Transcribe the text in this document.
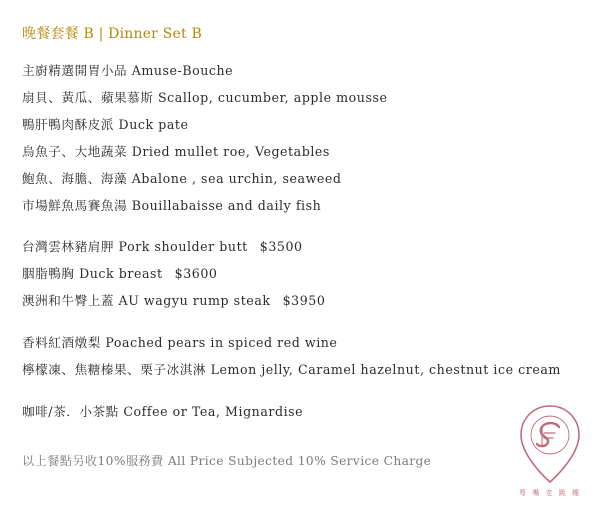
晚餐套餐 B | Dinner Set B
主廚精選開胃小品 Amuse-Bouche
扇貝、黃瓜、蘋果慕斯 Scallop, cucumber, apple mousse
鴨肝鴨肉酥皮派 Duck pate
烏魚子、大地蔬菜 Dried mullet roe, Vegetables
鮑魚、海膽、海藻 Abalone , sea urchin, seaweed
市場鮮魚馬賽魚湯 Bouillabaisse and daily fish
台灣雲林豬肩胛 Pork shoulder butt $3500
胭脂鴨胸 Duck breast $3600
澳洲和牛臀上蓋 AU wagyu rump steak $3950
香料紅酒燉梨 Poached pears in spiced red wine
檸檬凍、焦糖榛果、栗子冰淇淋 Lemon jelly, Caramel hazelnut, chestnut ice cream
咖啡/茶．小茶點 Coffee or Tea, Mignardise
以上餐點另收10%服務費 All Price Subjected 10% Service Charge
萼 嘴 走 跳 趣
